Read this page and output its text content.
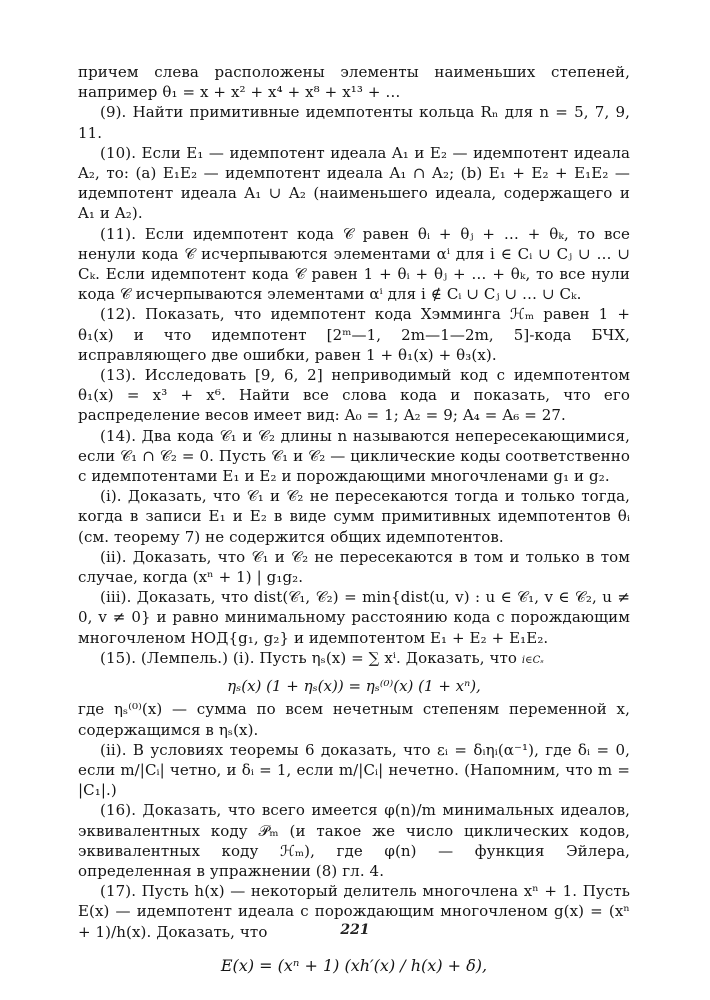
причем слева расположены элементы наименьших степеней, например θ₁ = x + x² + x⁴ + x⁸ + x¹³ + …

(9). Найти примитивные идемпотенты кольца Rₙ для n = 5, 7, 9, 11.

(10). Если E₁ — идемпотент идеала A₁ и E₂ — идемпотент идеала A₂, то: (a) E₁E₂ — идемпотент идеала A₁ ∩ A₂; (b) E₁ + E₂ + E₁E₂ — идемпотент идеала A₁ ∪ A₂ (наименьшего идеала, содержащего и A₁ и A₂).

(11). Если идемпотент кода 𝒞 равен θᵢ + θⱼ + … + θₖ, то все ненули кода 𝒞 исчерпываются элементами αⁱ для i ∈ Cᵢ ∪ Cⱼ ∪ … ∪ Cₖ. Если идемпотент кода 𝒞 равен 1 + θᵢ + θⱼ + … + θₖ, то все нули кода 𝒞 исчерпываются элементами αⁱ для i ∉ Cᵢ ∪ Cⱼ ∪ … ∪ Cₖ.

(12). Показать, что идемпотент кода Хэмминга ℋₘ равен 1 + θ₁(x) и что идемпотент [2ᵐ—1, 2m—1—2m, 5]-кода БЧХ, исправляющего две ошибки, равен 1 + θ₁(x) + θ₃(x).

(13). Исследовать [9, 6, 2] неприводимый код с идемпотентом θ₁(x) = x³ + x⁶. Найти все слова кода и показать, что его распределение весов имеет вид: A₀ = 1; A₂ = 9; A₄ = A₆ = 27.

(14). Два кода 𝒞₁ и 𝒞₂ длины n называются непересекающимися, если 𝒞₁ ∩ 𝒞₂ = 0. Пусть 𝒞₁ и 𝒞₂ — циклические коды соответственно с идемпотентами E₁ и E₂ и порождающими многочленами g₁ и g₂.

(i). Доказать, что 𝒞₁ и 𝒞₂ не пересекаются тогда и только тогда, когда в записи E₁ и E₂ в виде сумм примитивных идемпотентов θᵢ (см. теорему 7) не содержится общих идемпотентов.

(ii). Доказать, что 𝒞₁ и 𝒞₂ не пересекаются в том и только в том случае, когда (xⁿ + 1) | g₁g₂.

(iii). Доказать, что dist(𝒞₁, 𝒞₂) = min{dist(u, v) : u ∈ 𝒞₁, v ∈ 𝒞₂, u ≠ 0, v ≠ 0} и равно минимальному расстоянию кода с порождающим многочленом НОД{g₁, g₂} и идемпотентом E₁ + E₂ + E₁E₂.

(15). (Лемпель.) (i). Пусть ηₛ(x) = ∑ xⁱ. Доказать, что i∈Cₛ

ηₛ(x) (1 + ηₛ(x)) = ηₛ⁽⁰⁾(x) (1 + xⁿ),

где ηₛ⁽⁰⁾(x) — сумма по всем нечетным степеням переменной x, содержащимся в ηₛ(x).

(ii). В условиях теоремы 6 доказать, что εᵢ = δᵢηᵢ(α⁻¹), где δᵢ = 0, если m/|Cᵢ| четно, и δᵢ = 1, если m/|Cᵢ| нечетно. (Напомним, что m = |C₁|.)

(16). Доказать, что всего имеется φ(n)/m минимальных идеалов, эквивалентных коду 𝒫ₘ (и такое же число циклических кодов, эквивалентных коду ℋₘ), где φ(n) — функция Эйлера, определенная в упражнении (8) гл. 4.

(17). Пусть h(x) — некоторый делитель многочлена xⁿ + 1. Пусть E(x) — идемпотент идеала с порождающим многочленом g(x) = (xⁿ + 1)/h(x). Доказать, что

E(x) = (xⁿ + 1) (xh′(x) / h(x) + δ),
221
